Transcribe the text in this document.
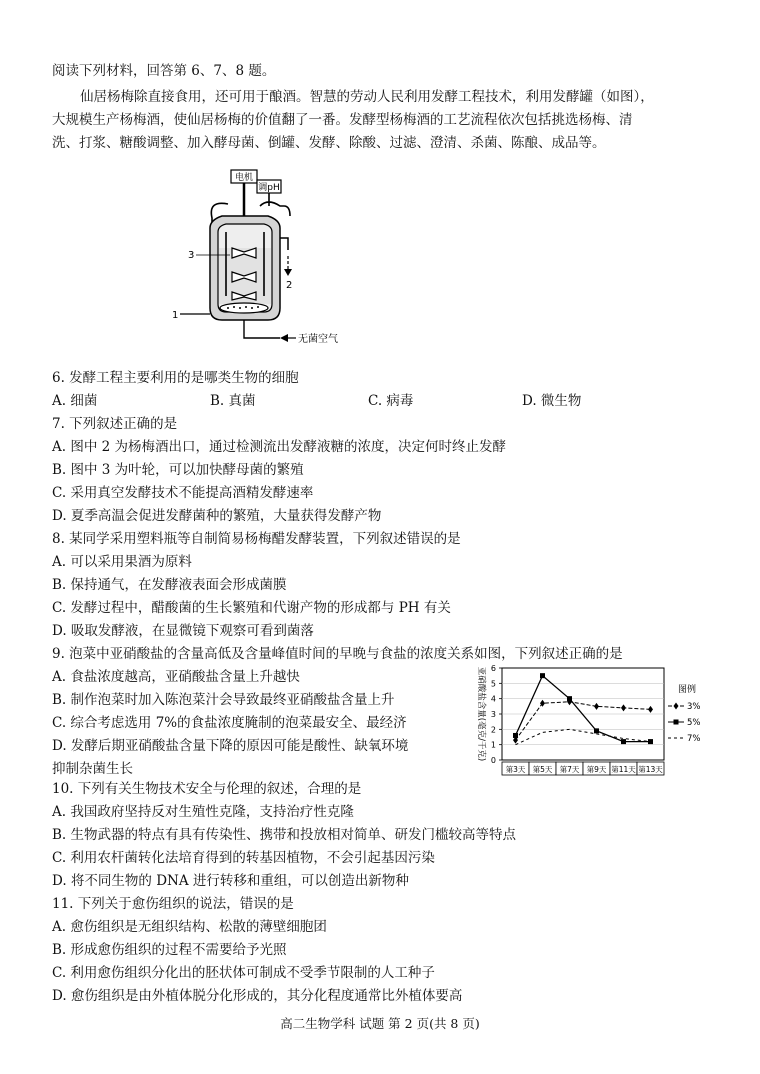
阅读下列材料，回答第 6、7、8 题。
仙居杨梅除直接食用，还可用于酿酒。智慧的劳动人民利用发酵工程技术，利用发酵罐（如图），
大规模生产杨梅酒，使仙居杨梅的价值翻了一番。发酵型杨梅酒的工艺流程依次包括挑选杨梅、清
洗、打浆、糖酸调整、加入酵母菌、倒罐、发酵、除酸、过滤、澄清、杀菌、陈酿、成品等。
电机
调pH
2
3
1
无菌空气
6. 发酵工程主要利用的是哪类生物的细胞
A. 细菌	B. 真菌	C. 病毒	D. 微生物
7. 下列叙述正确的是
A. 图中 2 为杨梅酒出口，通过检测流出发酵液糖的浓度，决定何时终止发酵
B. 图中 3 为叶轮，可以加快酵母菌的繁殖
C. 采用真空发酵技术不能提高酒精发酵速率
D. 夏季高温会促进发酵菌种的繁殖，大量获得发酵产物
8. 某同学采用塑料瓶等自制简易杨梅醋发酵装置，下列叙述错误的是
A. 可以采用果酒为原料
B. 保持通气，在发酵液表面会形成菌膜
C. 发酵过程中，醋酸菌的生长繁殖和代谢产物的形成都与 PH 有关
D. 吸取发酵液，在显微镜下观察可看到菌落
9. 泡菜中亚硝酸盐的含量高低及含量峰值时间的早晚与食盐的浓度关系如图，下列叙述正确的是
A. 食盐浓度越高，亚硝酸盐含量上升越快
B. 制作泡菜时加入陈泡菜汁会导致最终亚硝酸盐含量上升
C. 综合考虑选用 7%的食盐浓度腌制的泡菜最安全、最经济
D. 发酵后期亚硝酸盐含量下降的原因可能是酸性、缺氧环境
抑制杂菌生长
0
1
2
3
4
5
6
亚硝酸盐含量(毫克/千克)
第3天 第5天 第7天 第9天 第11天 第13天
3%
5%
7%
图例
10. 下列有关生物技术安全与伦理的叙述，合理的是
A. 我国政府坚持反对生殖性克隆，支持治疗性克隆
B. 生物武器的特点有具有传染性、携带和投放相对简单、研发门槛较高等特点
C. 利用农杆菌转化法培育得到的转基因植物，不会引起基因污染
D. 将不同生物的 DNA 进行转移和重组，可以创造出新物种
11. 下列关于愈伤组织的说法，错误的是
A. 愈伤组织是无组织结构、松散的薄壁细胞团
B. 形成愈伤组织的过程不需要给予光照
C. 利用愈伤组织分化出的胚状体可制成不受季节限制的人工种子
D. 愈伤组织是由外植体脱分化形成的，其分化程度通常比外植体要高
高二生物学科 试题 第 2 页(共 8 页)
